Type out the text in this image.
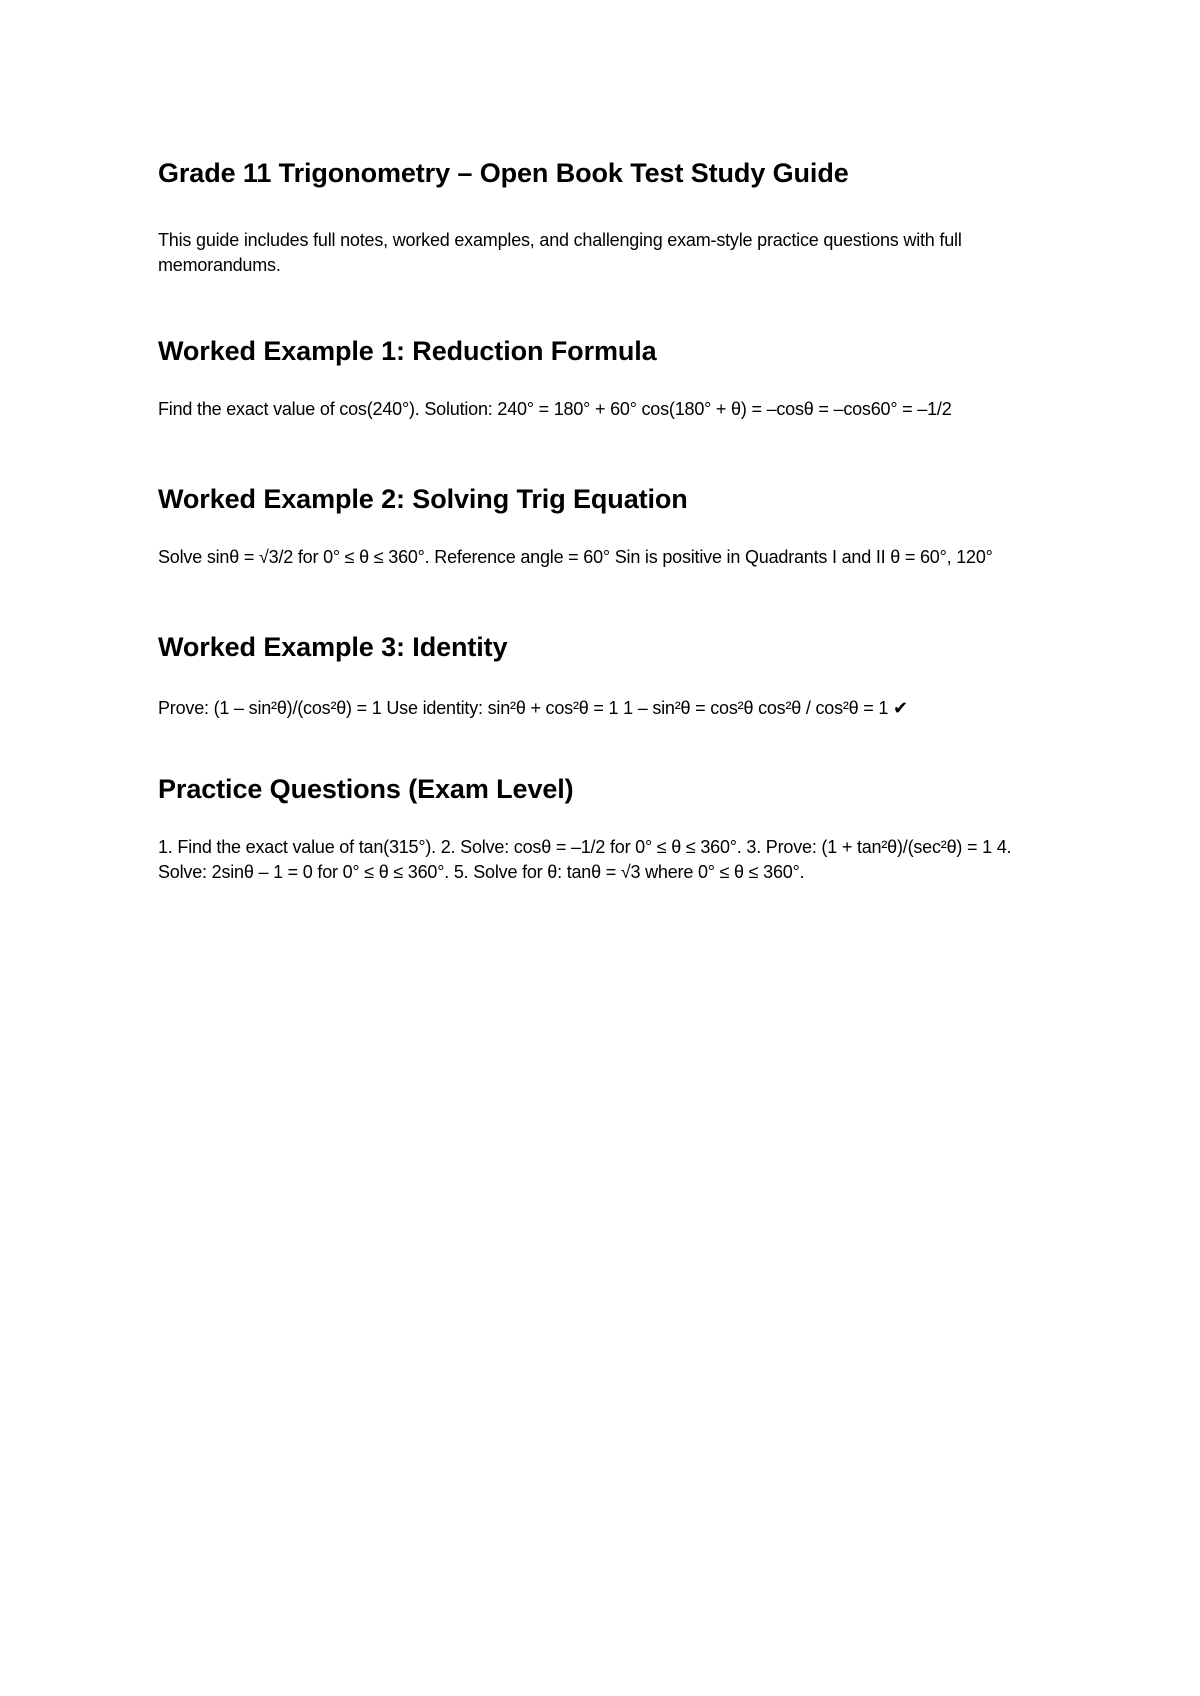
Grade 11 Trigonometry – Open Book Test Study Guide

This guide includes full notes, worked examples, and challenging exam-style practice questions with full memorandums.

Worked Example 1: Reduction Formula

Find the exact value of cos(240°). Solution: 240° = 180° + 60° cos(180° + θ) = –cosθ = –cos60° = –1/2

Worked Example 2: Solving Trig Equation

Solve sinθ = √3/2 for 0° ≤ θ ≤ 360°. Reference angle = 60° Sin is positive in Quadrants I and II θ = 60°, 120°

Worked Example 3: Identity

Prove: (1 – sin²θ)/(cos²θ) = 1 Use identity: sin²θ + cos²θ = 1 1 – sin²θ = cos²θ cos²θ / cos²θ = 1 ✔

Practice Questions (Exam Level)

1. Find the exact value of tan(315°). 2. Solve: cosθ = –1/2 for 0° ≤ θ ≤ 360°. 3. Prove: (1 + tan²θ)/(sec²θ) = 1 4. Solve: 2sinθ – 1 = 0 for 0° ≤ θ ≤ 360°. 5. Solve for θ: tanθ = √3 where 0° ≤ θ ≤ 360°.
